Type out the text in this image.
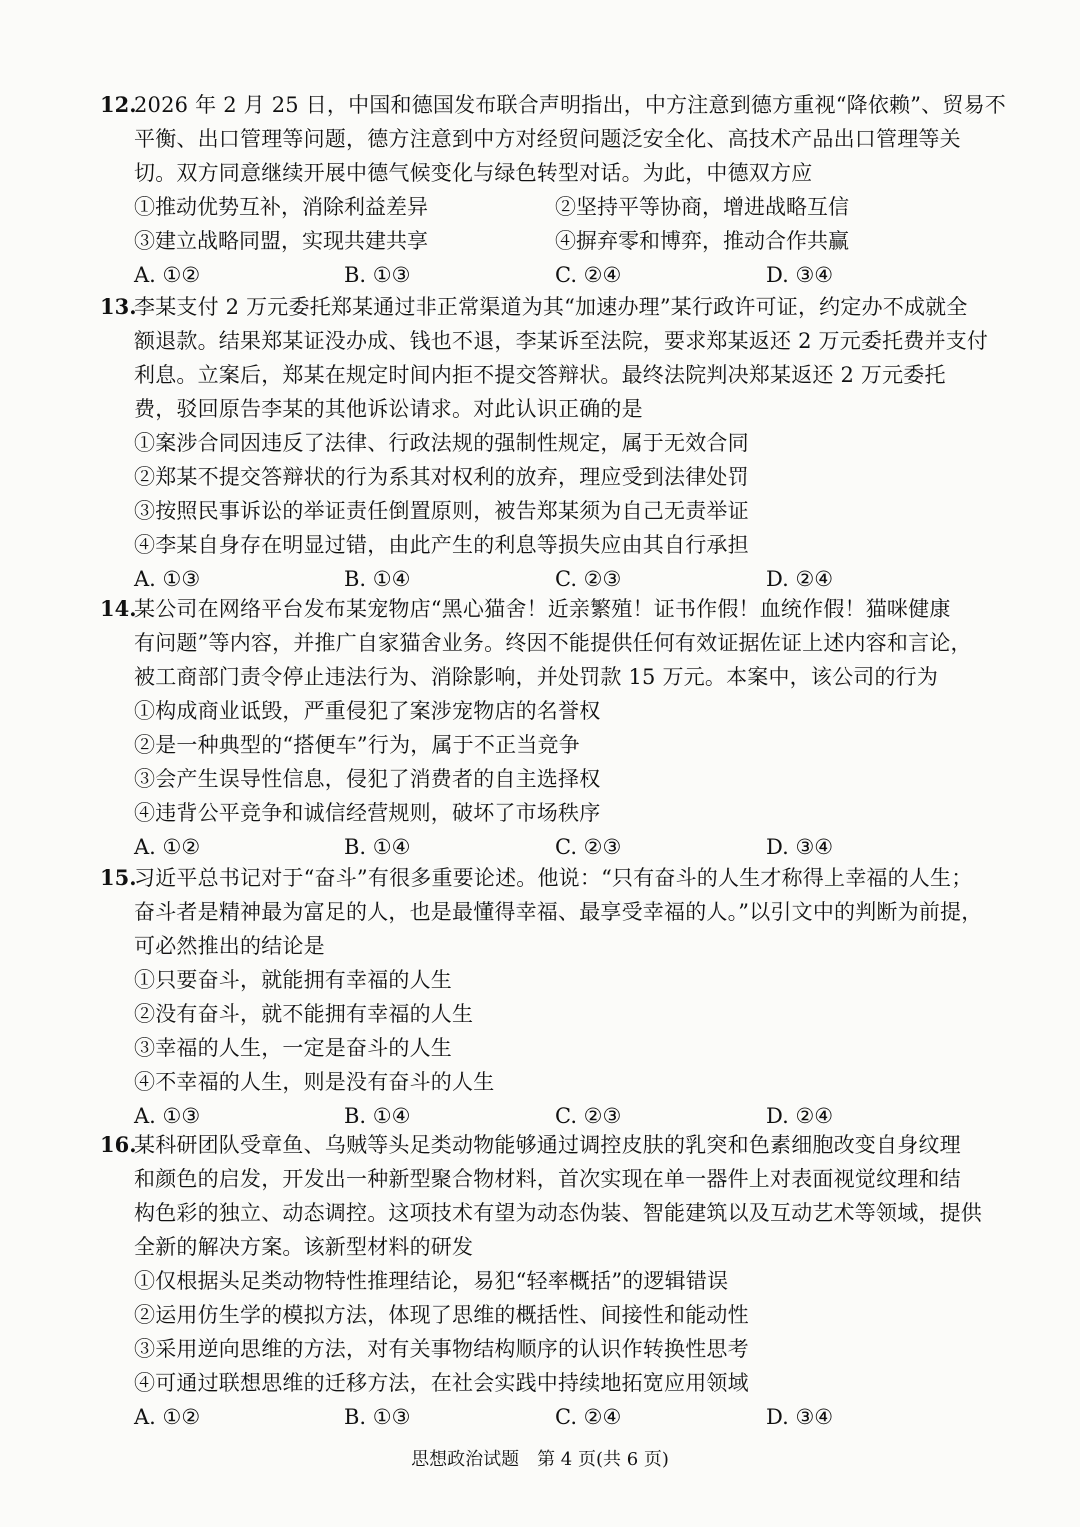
12.
2026 年 2 月 25 日，中国和德国发布联合声明指出，中方注意到德方重视“降依赖”、贸易不
平衡、出口管理等问题，德方注意到中方对经贸问题泛安全化、高技术产品出口管理等关
切。双方同意继续开展中德气候变化与绿色转型对话。为此，中德双方应
①推动优势互补，消除利益差异	②坚持平等协商，增进战略互信
③建立战略同盟，实现共建共享	④摒弃零和博弈，推动合作共赢
A. ①②	B. ①③	C. ②④	D. ③④
13.
李某支付 2 万元委托郑某通过非正常渠道为其“加速办理”某行政许可证，约定办不成就全
额退款。结果郑某证没办成、钱也不退，李某诉至法院，要求郑某返还 2 万元委托费并支付
利息。立案后，郑某在规定时间内拒不提交答辩状。最终法院判决郑某返还 2 万元委托
费，驳回原告李某的其他诉讼请求。对此认识正确的是
①案涉合同因违反了法律、行政法规的强制性规定，属于无效合同
②郑某不提交答辩状的行为系其对权利的放弃，理应受到法律处罚
③按照民事诉讼的举证责任倒置原则，被告郑某须为自己无责举证
④李某自身存在明显过错，由此产生的利息等损失应由其自行承担
A. ①③	B. ①④	C. ②③	D. ②④
14.
某公司在网络平台发布某宠物店“黑心猫舍！近亲繁殖！证书作假！血统作假！猫咪健康
有问题”等内容，并推广自家猫舍业务。终因不能提供任何有效证据佐证上述内容和言论，
被工商部门责令停止违法行为、消除影响，并处罚款 15 万元。本案中，该公司的行为
①构成商业诋毁，严重侵犯了案涉宠物店的名誉权
②是一种典型的“搭便车”行为，属于不正当竞争
③会产生误导性信息，侵犯了消费者的自主选择权
④违背公平竞争和诚信经营规则，破坏了市场秩序
A. ①②	B. ①④	C. ②③	D. ③④
15.
习近平总书记对于“奋斗”有很多重要论述。他说：“只有奋斗的人生才称得上幸福的人生；
奋斗者是精神最为富足的人，也是最懂得幸福、最享受幸福的人。”以引文中的判断为前提，
可必然推出的结论是
①只要奋斗，就能拥有幸福的人生
②没有奋斗，就不能拥有幸福的人生
③幸福的人生，一定是奋斗的人生
④不幸福的人生，则是没有奋斗的人生
A. ①③	B. ①④	C. ②③	D. ②④
16.
某科研团队受章鱼、乌贼等头足类动物能够通过调控皮肤的乳突和色素细胞改变自身纹理
和颜色的启发，开发出一种新型聚合物材料，首次实现在单一器件上对表面视觉纹理和结
构色彩的独立、动态调控。这项技术有望为动态伪装、智能建筑以及互动艺术等领域，提供
全新的解决方案。该新型材料的研发
①仅根据头足类动物特性推理结论，易犯“轻率概括”的逻辑错误
②运用仿生学的模拟方法，体现了思维的概括性、间接性和能动性
③采用逆向思维的方法，对有关事物结构顺序的认识作转换性思考
④可通过联想思维的迁移方法，在社会实践中持续地拓宽应用领域
A. ①②	B. ①③	C. ②④	D. ③④
思想政治试题　第 4 页(共 6 页)
